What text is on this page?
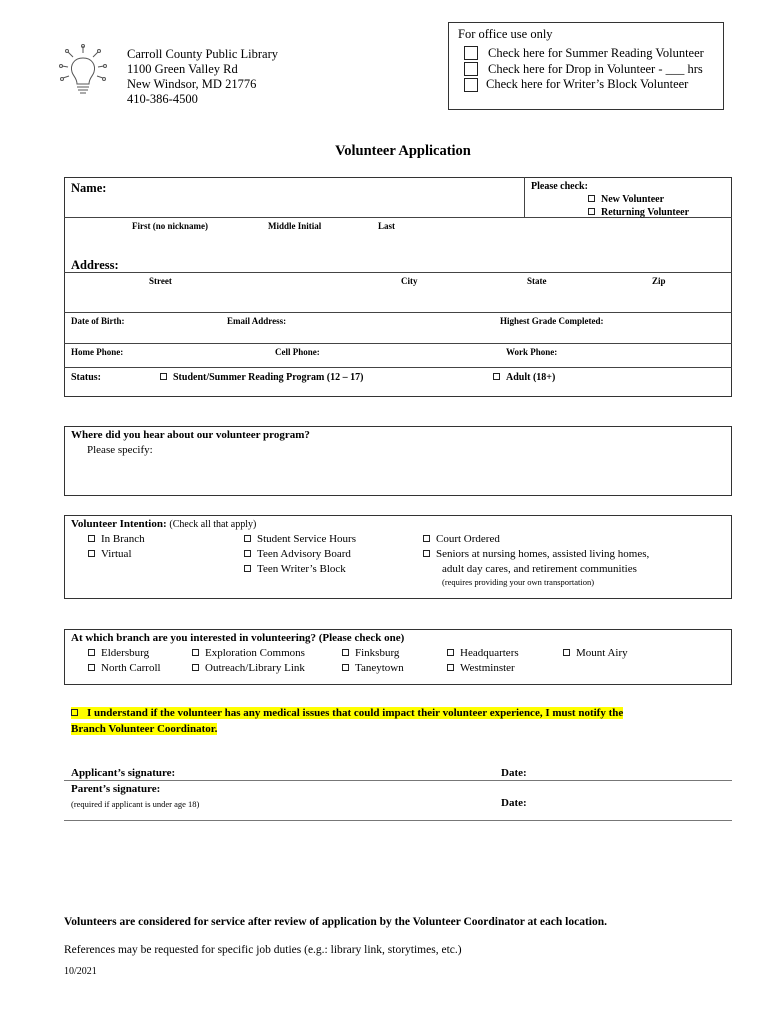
Carroll County Public Library
1100 Green Valley Rd
New Windsor, MD 21776
410-386-4500
For office use only
Check here for Summer Reading Volunteer
Check here for Drop in Volunteer - ___ hrs
Check here for Writer’s Block Volunteer
Volunteer Application
Name:	Please check:
New Volunteer
Returning Volunteer
First (no nickname)	Middle Initial	Last
Address:
Street	City	State	Zip
Date of Birth:	Email Address:	Highest Grade Completed:
Home Phone:	Cell Phone:	Work Phone:
Status:	Student/Summer Reading Program (12 – 17)	Adult (18+)
Where did you hear about our volunteer program?
Please specify:
Volunteer Intention: (Check all that apply)
In Branch
Virtual
Student Service Hours
Teen Advisory Board
Teen Writer’s Block
Court Ordered
Seniors at nursing homes, assisted living homes,
adult day cares, and retirement communities
(requires providing your own transportation)
At which branch are you interested in volunteering? (Please check one)
Eldersburg
North Carroll
Exploration Commons
Outreach/Library Link
Finksburg
Taneytown
Headquarters
Westminster
Mount Airy
I understand if the volunteer has any medical issues that could impact their volunteer experience, I must notify the
Branch Volunteer Coordinator.
Applicant’s signature:	Date:
Parent’s signature:
(required if applicant is under age 18)	Date:
Volunteers are considered for service after review of application by the Volunteer Coordinator at each location.
References may be requested for specific job duties (e.g.: library link, storytimes, etc.)
10/2021
